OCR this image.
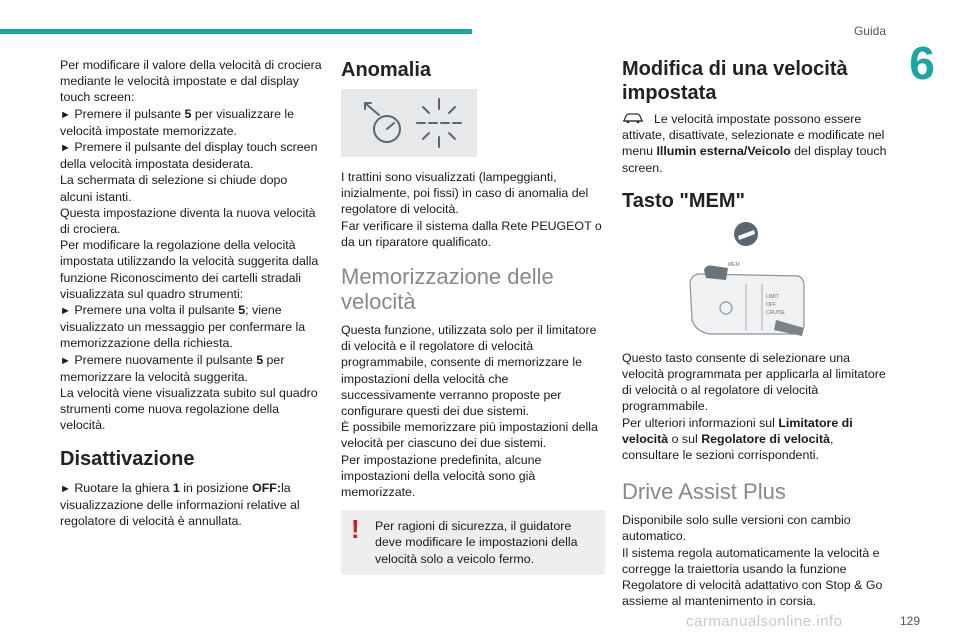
Guida
6

Per modificare il valore della velocità di crociera mediante le velocità impostate e dal display touch screen:

► Premere il pulsante 5 per visualizzare le velocità impostate memorizzate.

► Premere il pulsante del display touch screen della velocità impostata desiderata.

La schermata di selezione si chiude dopo alcuni istanti.

Questa impostazione diventa la nuova velocità di crociera.

Per modificare la regolazione della velocità impostata utilizzando la velocità suggerita dalla funzione Riconoscimento dei cartelli stradali visualizzata sul quadro strumenti:

► Premere una volta il pulsante 5; viene visualizzato un messaggio per confermare la memorizzazione della richiesta.

► Premere nuovamente il pulsante 5 per memorizzare la velocità suggerita.

La velocità viene visualizzata subito sul quadro strumenti come nuova regolazione della velocità.

Disattivazione

► Ruotare la ghiera 1 in posizione OFF:la visualizzazione delle informazioni relative al regolatore di velocità è annullata.

Anomalia

I trattini sono visualizzati (lampeggianti, inizialmente, poi fissi) in caso di anomalia del regolatore di velocità.

Far verificare il sistema dalla Rete PEUGEOT o da un riparatore qualificato.

Memorizzazione delle velocità

Questa funzione, utilizzata solo per il limitatore di velocità e il regolatore di velocità programmabile, consente di memorizzare le impostazioni della velocità che successivamente verranno proposte per configurare questi dei due sistemi.

È possibile memorizzare più impostazioni della velocità per ciascuno dei due sistemi.

Per impostazione predefinita, alcune impostazioni della velocità sono già memorizzate.

!	Per ragioni di sicurezza, il guidatore deve modificare le impostazioni della velocità solo a veicolo fermo.

Modifica di una velocità impostata

Le velocità impostate possono essere attivate, disattivate, selezionate e modificate nel menu Illumin esterna/Veicolo del display touch screen.

Tasto "MEM"
MEM
LIMIT
OFF
CRUISE

Questo tasto consente di selezionare una velocità programmata per applicarla al limitatore di velocità o al regolatore di velocità programmabile.

Per ulteriori informazioni sul Limitatore di velocità o sul Regolatore di velocità, consultare le sezioni corrispondenti.

Drive Assist Plus

Disponibile solo sulle versioni con cambio automatico.

Il sistema regola automaticamente la velocità e corregge la traiettoria usando la funzione Regolatore di velocità adattativo con Stop & Go assieme al mantenimento in corsia.

carmanualsonline.info	129
